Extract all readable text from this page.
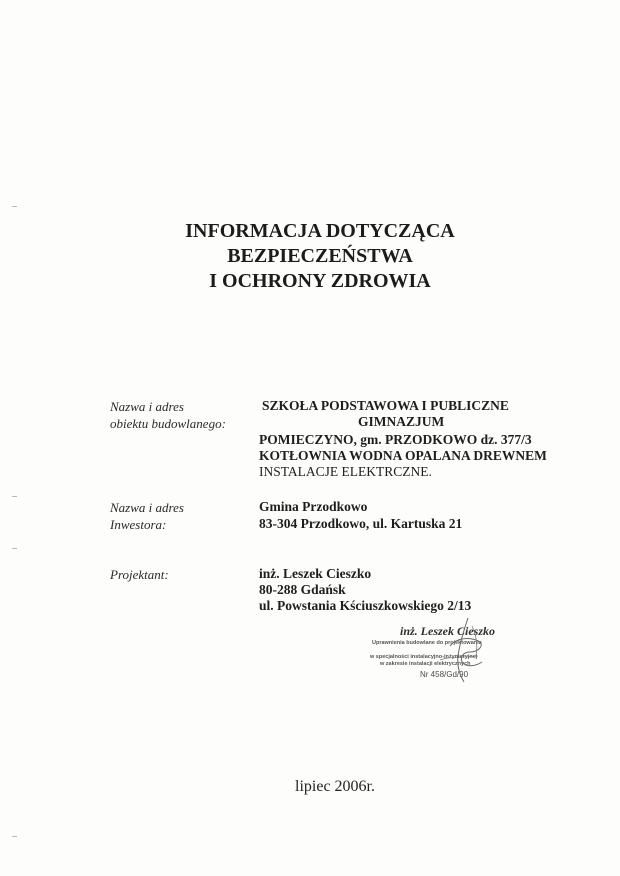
INFORMACJA DOTYCZĄCA
BEZPIECZEŃSTWA
I OCHRONY ZDROWIA
Nazwa i adres
obiektu budowlanego:
SZKOŁA PODSTAWOWA I PUBLICZNE
GIMNAZJUM
POMIECZYNO, gm. PRZODKOWO dz. 377/3
KOTŁOWNIA WODNA OPALANA DREWNEM
INSTALACJE ELEKTRCZNE.
Nazwa i adres
Inwestora:
Gmina Przodkowo
83-304 Przodkowo, ul. Kartuska 21
Projektant:	inż. Leszek Cieszko
80-288 Gdańsk
ul. Powstania Kściuszkowskiego 2/13
inż. Leszek Cieszko
Uprawnienia budowlane do projektowania
w specjalności instalacyjno-inżynieryjnej
w zakresie instalacji elektrycznych
Nr 458/Gd/90
lipiec 2006r.
